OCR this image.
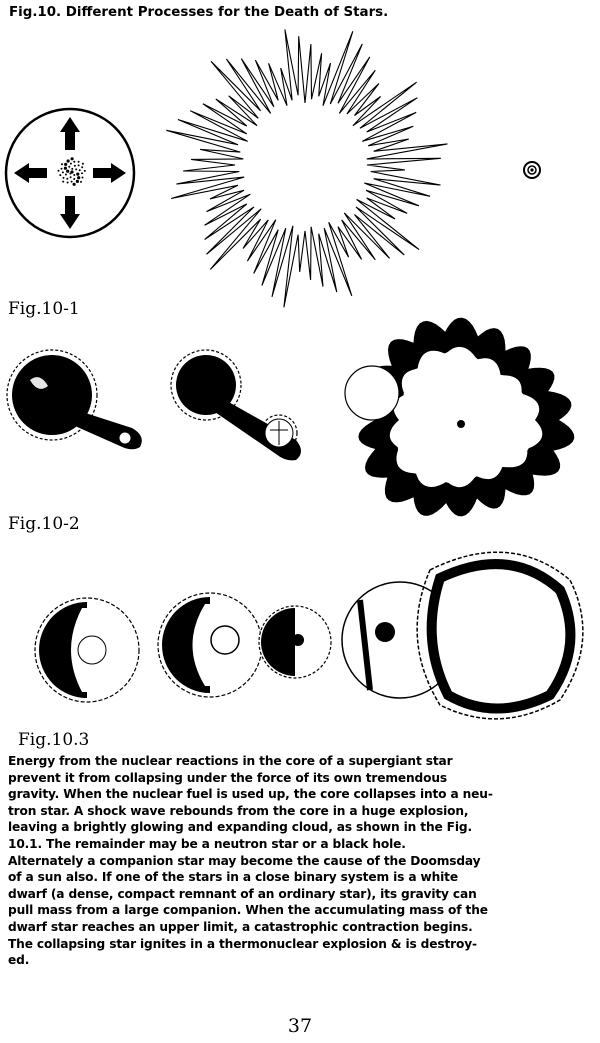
Fig.10. Different Processes for the Death of Stars.
Fig.10-1
Fig.10-2
Fig.10.3

Energy from the nuclear reactions in the core of a supergiant star

prevent it from collapsing under the force of its own tremendous

gravity. When the nuclear fuel is used up, the core collapses into a neu-

tron star. A shock wave rebounds from the core in a huge explosion,

leaving a brightly glowing and expanding cloud, as shown in the Fig.

10.1. The remainder may be a neutron star or a black hole.

Alternately a companion star may become the cause of the Doomsday

of a sun also. If one of the stars in a close binary system is a white

dwarf (a dense, compact remnant of an ordinary star), its gravity can

pull mass from a large companion. When the accumulating mass of the

dwarf star reaches an upper limit, a catastrophic contraction begins.

The collapsing star ignites in a thermonuclear explosion & is destroy-

ed.

37
